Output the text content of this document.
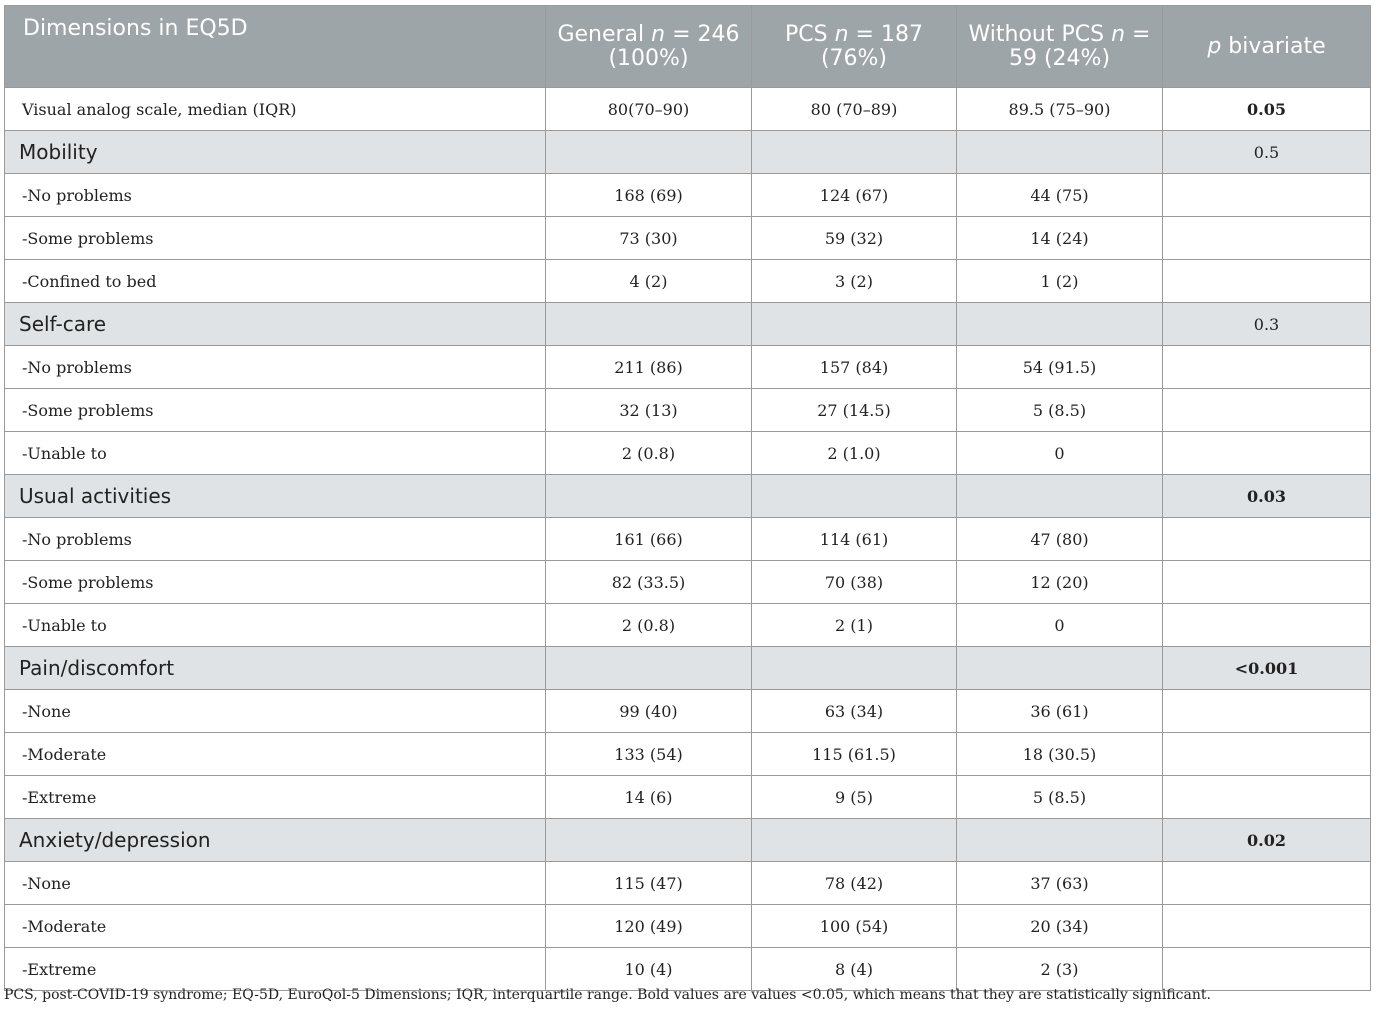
Dimensions in EQ5D	General n = 246 (100%)	PCS n = 187 (76%)	Without PCS n = 59 (24%)	p bivariate
Visual analog scale, median (IQR)	80(70–90)	80 (70–89)	89.5 (75–90)	0.05
Mobility				0.5
-No problems	168 (69)	124 (67)	44 (75)	
-Some problems	73 (30)	59 (32)	14 (24)	
-Confined to bed	4 (2)	3 (2)	1 (2)	
Self-care				0.3
-No problems	211 (86)	157 (84)	54 (91.5)	
-Some problems	32 (13)	27 (14.5)	5 (8.5)	
-Unable to	2 (0.8)	2 (1.0)	0	
Usual activities				0.03
-No problems	161 (66)	114 (61)	47 (80)	
-Some problems	82 (33.5)	70 (38)	12 (20)	
-Unable to	2 (0.8)	2 (1)	0	
Pain/discomfort				<0.001
-None	99 (40)	63 (34)	36 (61)	
-Moderate	133 (54)	115 (61.5)	18 (30.5)	
-Extreme	14 (6)	9 (5)	5 (8.5)	
Anxiety/depression				0.02
-None	115 (47)	78 (42)	37 (63)	
-Moderate	120 (49)	100 (54)	20 (34)	
-Extreme	10 (4)	8 (4)	2 (3)	
PCS, post-COVID-19 syndrome; EQ-5D, EuroQol-5 Dimensions; IQR, interquartile range. Bold values are values <0.05, which means that they are statistically significant.
